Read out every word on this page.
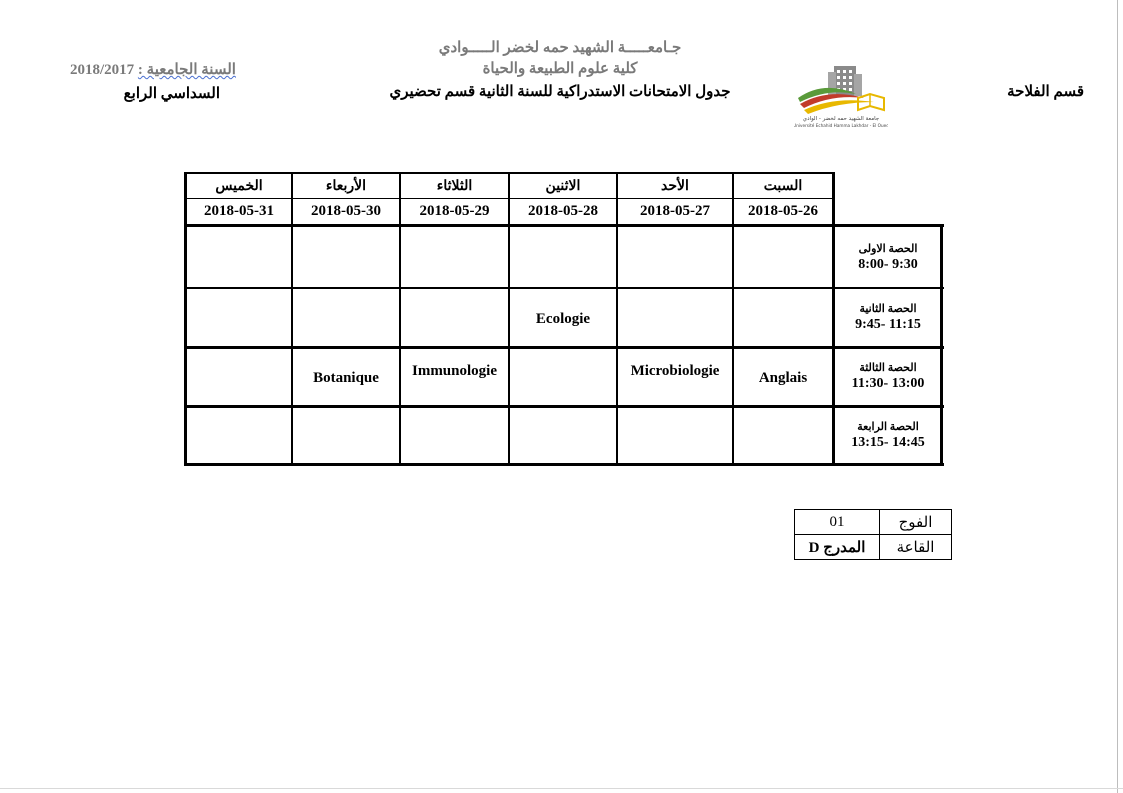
جـامعـــــة الشهيد حمه لخضر الـــــوادي
كلية علوم الطبيعة والحياة
قسم الفلاحة
جدول الامتحانات الاستدراكية للسنة الثانية قسم تحضيري
2018/2017 السنة الجامعية :
السداسي الرابع
جامعة الشهيد حمه لخضر - الوادي
Université Echahid Hamma Lakhdar - El Oued
السبت
الأحد
الاثنين
الثلاثاء
الأربعاء
الخميس
2018-05-26
2018-05-27
2018-05-28
2018-05-29
2018-05-30
2018-05-31
الحصة الاولى
8:00- 9:30
الحصة الثانية
9:45- 11:15
الحصة الثالثة
11:30- 13:00
الحصة الرابعة
13:15- 14:45
Ecologie
Anglais
Microbiologie
Immunologie
Botanique
الفوج
01
القاعة
المدرج D
